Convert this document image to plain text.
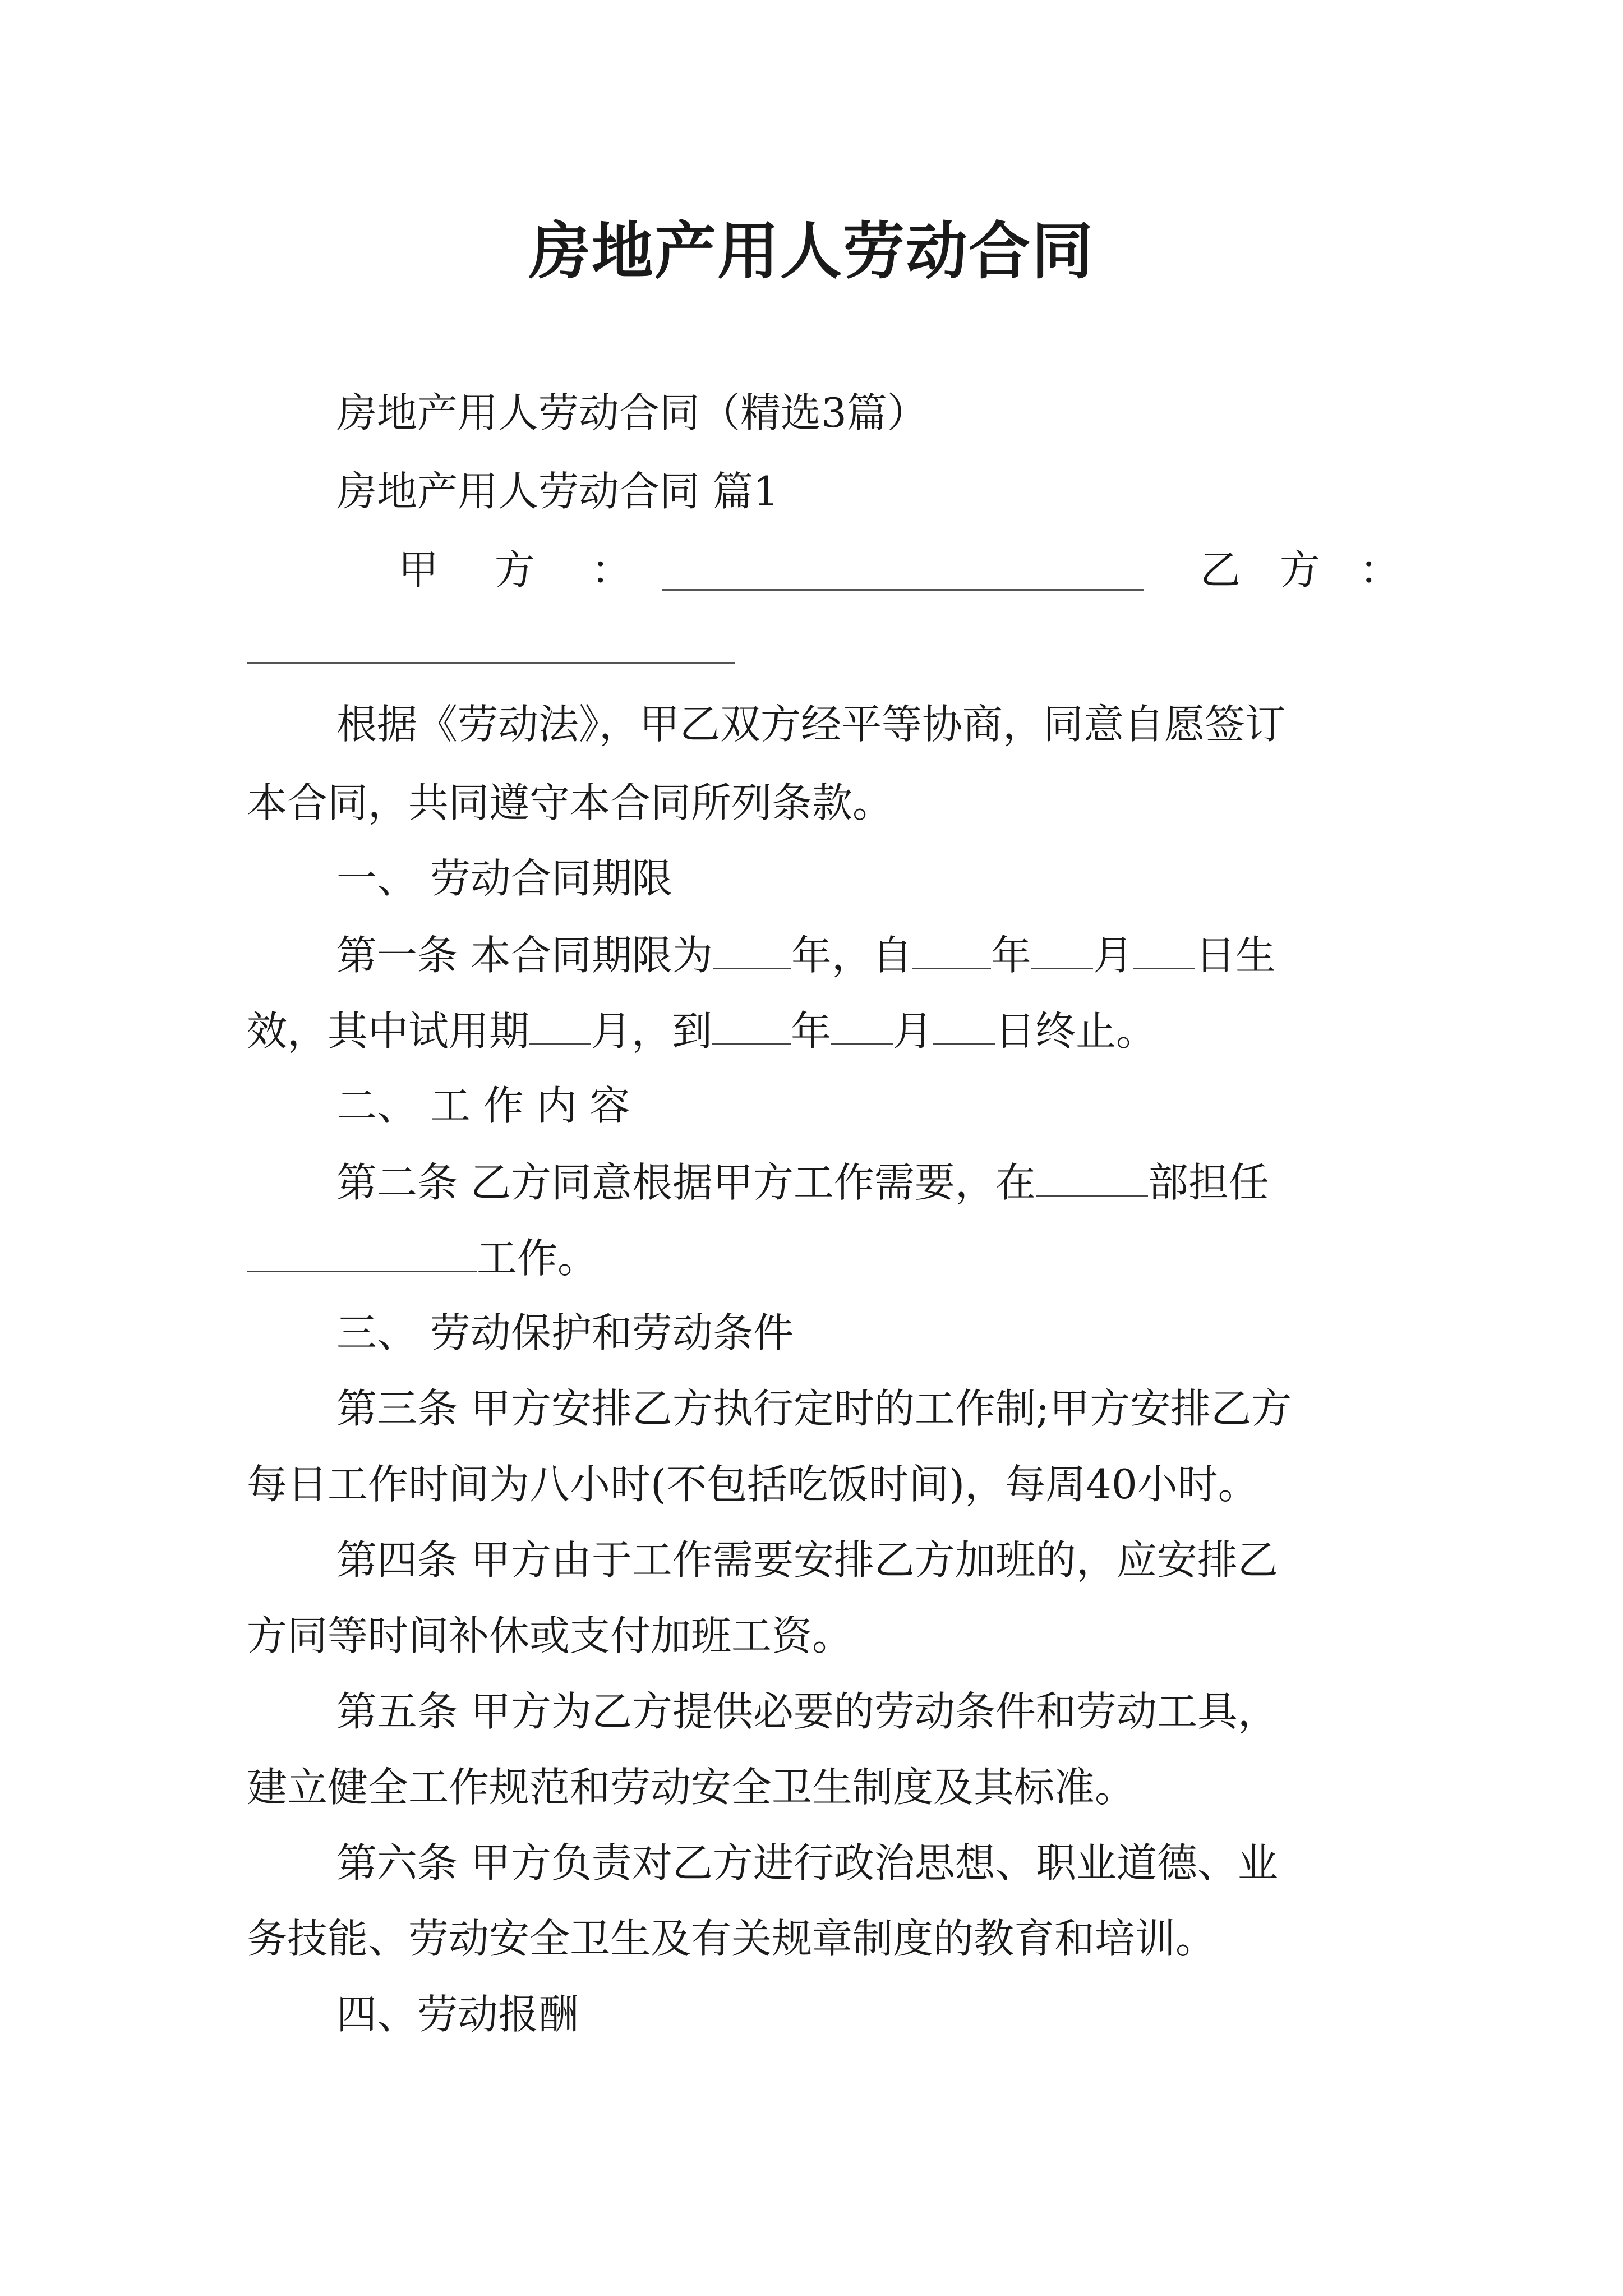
房地产用人劳动合同
房地产用人劳动合同（精选3篇）
房地产用人劳动合同 篇1
甲方：	乙方：
根据《劳动法》，甲乙双方经平等协商，同意自愿签订
本合同，共同遵守本合同所列条款。
一、 劳动合同期限
第一条 本合同期限为 年，自 年 月 日生
效，其中试用期 月，到 年 月 日终止。
二、 工 作 内 容
第二条 乙方同意根据甲方工作需要，在	部担任
工作。
三、 劳动保护和劳动条件
第三条 甲方安排乙方执行定时的工作制;甲方安排乙方
每日工作时间为八小时(不包括吃饭时间)，每周40小时。
第四条 甲方由于工作需要安排乙方加班的，应安排乙
方同等时间补休或支付加班工资。
第五条 甲方为乙方提供必要的劳动条件和劳动工具，
建立健全工作规范和劳动安全卫生制度及其标准。
第六条 甲方负责对乙方进行政治思想、职业道德、业
务技能、劳动安全卫生及有关规章制度的教育和培训。
四、劳动报酬
